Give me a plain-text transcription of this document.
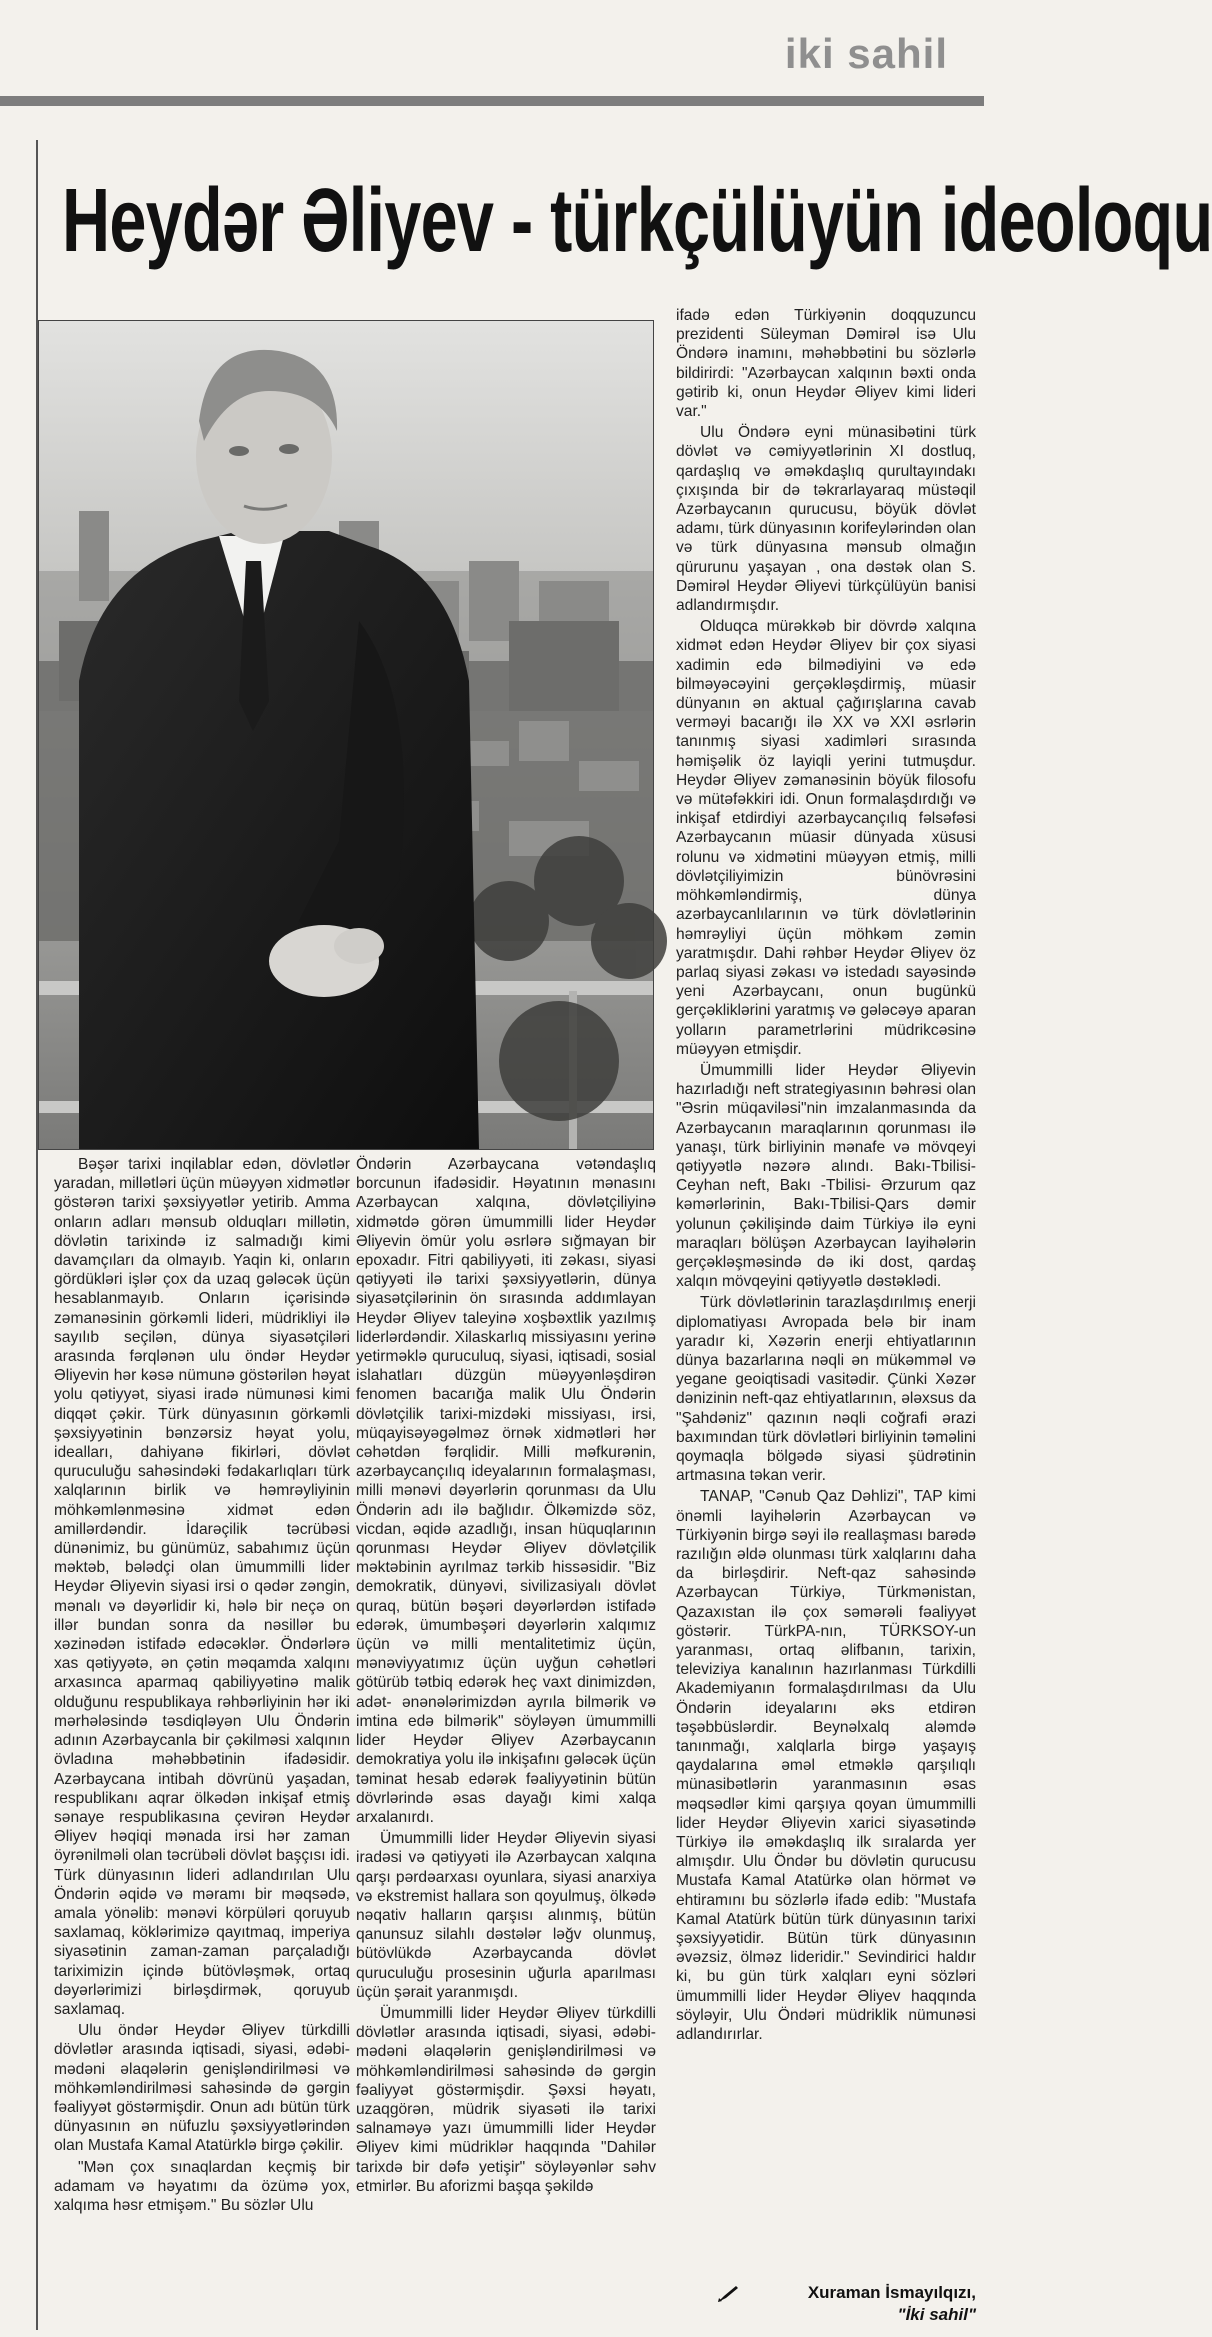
iki sahil
Heydər Əliyev - türkçülüyün ideoloqu

ifadə edən Türkiyənin doqquzuncu prezidenti Süleyman Dəmirəl isə Ulu Öndərə inamını, məhəbbətini bu sözlərlə bildirirdi: "Azərbaycan xalqının bəxti onda gətirib ki, onun Heydər Əliyev kimi lideri var."

Ulu Öndərə eyni münasibətini türk dövlət və cəmiyyətlərinin XI dostluq, qardaşlıq və əməkdaşlıq qurultayındakı çıxışında bir də təkrarlayaraq müstəqil Azərbaycanın qurucusu, böyük dövlət adamı, türk dünyasının korifeylərindən olan və türk dünyasına mənsub olmağın qürurunu yaşayan , ona dəstək olan S. Dəmirəl Heydər Əliyevi türkçülüyün banisi adlandırmışdır.

Olduqca mürəkkəb bir dövrdə xalqına xidmət edən Heydər Əliyev bir çox siyasi xadimin edə bilmədiyini və edə bilməyəcəyini gerçəkləşdirmiş, müasir dünyanın ən aktual çağırışlarına cavab verməyi bacarığı ilə XX və XXI əsrlərin tanınmış siyasi xadimləri sırasında həmişəlik öz layiqli yerini tutmuşdur. Heydər Əliyev zəmanəsinin böyük filosofu və mütəfəkkiri idi. Onun formalaşdırdığı və inkişaf etdirdiyi azərbaycançılıq fəlsəfəsi Azərbaycanın müasir dünyada xüsusi rolunu və xidmətini müəyyən etmiş, milli dövlətçiliyimizin bünövrəsini möhkəmləndirmiş, dünya azərbaycanlılarının və türk dövlətlərinin həmrəyliyi üçün möhkəm zəmin yaratmışdır. Dahi rəhbər Heydər Əliyev öz parlaq siyasi zəkası və istedadı sayəsində yeni Azərbaycanı, onun bugünkü gerçəkliklərini yaratmış və gələcəyə aparan yolların parametrlərini müdrikcəsinə müəyyən etmişdir.

Ümummilli lider Heydər Əliyevin hazırladığı neft strategiyasının bəhrəsi olan "Əsrin müqaviləsi"nin imzalanmasında da Azərbaycanın maraqlarının qorunması ilə yanaşı, türk birliyinin mənafe və mövqeyi qətiyyətlə nəzərə alındı. Bakı-Tbilisi-Ceyhan neft, Bakı -Tbilisi- Ərzurum qaz kəmərlərinin, Bakı-Tbilisi-Qars dəmir yolunun çəkilişində daim Türkiyə ilə eyni maraqları bölüşən Azərbaycan layihələrin gerçəkləşməsində də iki dost, qardaş xalqın mövqeyini qətiyyətlə dəstəklədi.

Türk dövlətlərinin tarazlaşdırılmış enerji diplomatiyası Avropada belə bir inam yaradır ki, Xəzərin enerji ehtiyatlarının dünya bazarlarına nəqli ən mükəmməl və yegane geoiqtisadi vasitədir. Çünki Xəzər dənizinin neft-qaz ehtiyatlarının, ələxsus da "Şahdəniz" qazının nəqli coğrafi ərazi baxımından türk dövlətləri birliyinin təməlini qoymaqla bölgədə siyasi şüdrətinin artmasına təkan verir.

TANAP, "Cənub Qaz Dəhlizi", TAP kimi önəmli layihələrin Azərbaycan və Türkiyənin birgə səyi ilə reallaşması barədə razılığın əldə olunması türk xalqlarını daha da birləşdirir. Neft-qaz sahəsində Azərbaycan Türkiyə, Türkmənistan, Qazaxıstan ilə çox səmərəli fəaliyyət göstərir. TürkPA-nın, TÜRKSOY-un yaranması, ortaq əlifbanın, tarixin, televiziya kanalının hazırlanması Türkdilli Akademiyanın formalaşdırılması da Ulu Öndərin ideyalarını əks etdirən təşəbbüslərdir. Beynəlxalq aləmdə tanınmağı, xalqlarla birgə yaşayış qaydalarına əməl etməklə qarşılıqlı münasibətlərin yaranmasının əsas məqsədlər kimi qarşıya qoyan ümummilli lider Heydər Əliyevin xarici siyasətində Türkiyə ilə əməkdaşlıq ilk sıralarda yer almışdır. Ulu Öndər bu dövlətin qurucusu Mustafa Kamal Atatürkə olan hörmət və ehtiramını bu sözlərlə ifadə edib: "Mustafa Kamal Atatürk bütün türk dünyasının tarixi şəxsiyyətidir. Bütün türk dünyasının əvəzsiz, ölməz lideridir." Sevindirici haldır ki, bu gün türk xalqları eyni sözləri ümummilli lider Heydər Əliyev haqqında söyləyir, Ulu Öndəri müdriklik nümunəsi adlandırırlar.

Bəşər tarixi inqilablar edən, dövlətlər yaradan, millətləri üçün müəyyən xidmətlər göstərən tarixi şəxsiyyətlər yetirib. Amma onların adları mənsub olduqları millətin, dövlətin tarixində iz salmadığı kimi davamçıları da olmayıb. Yaqin ki, onların gördükləri işlər çox da uzaq gələcək üçün hesablanmayıb. Onların içərisində zəmanəsinin görkəmli lideri, müdrikliyi ilə sayılıb seçilən, dünya siyasətçiləri arasında fərqlənən ulu öndər Heydər Əliyevin hər kəsə nümunə göstərilən həyat yolu qətiyyət, siyasi iradə nümunəsi kimi diqqət çəkir. Türk dünyasının görkəmli şəxsiyyətinin bənzərsiz həyat yolu, idealları, dahiyanə fikirləri, dövlət quruculuğu sahəsindəki fədakarlıqları türk xalqlarının birlik və həmrəyliyinin möhkəmlənməsinə xidmət edən amillərdəndir. İdarəçilik təcrübəsi dünənimiz, bu günümüz, sabahımız üçün məktəb, bələdçi olan ümummilli lider Heydər Əliyevin siyasi irsi o qədər zəngin, mənalı və dəyərlidir ki, hələ bir neçə on illər bundan sonra da nəsillər bu xəzinədən istifadə edəcəklər. Öndərlərə xas qətiyyətə, ən çətin məqamda xalqını arxasınca aparmaq qabiliyyətinə malik olduğunu respublikaya rəhbərliyinin hər iki mərhələsində təsdiqləyən Ulu Öndərin adının Azərbaycanla bir çəkilməsi xalqının övladına məhəbbətinin ifadəsidir. Azərbaycana intibah dövrünü yaşadan, respublikanı aqrar ölkədən inkişaf etmiş sənaye respublikasına çevirən Heydər Əliyev həqiqi mənada irsi hər zaman öyrənilməli olan təcrübəli dövlət başçısı idi. Türk dünyasının lideri adlandırılan Ulu Öndərin əqidə və məramı bir məqsədə, amala yönəlib: mənəvi körpüləri qoruyub saxlamaq, köklərimizə qayıtmaq, imperiya siyasətinin zaman-zaman parçaladığı tariximizin içində bütövləşmək, ortaq dəyərlərimizi birləşdirmək, qoruyub saxlamaq.

Ulu öndər Heydər Əliyev türkdilli dövlətlər arasında iqtisadi, siyasi, ədəbi-mədəni əlaqələrin genişləndirilməsi və möhkəmləndirilməsi sahəsində də gərgin fəaliyyət göstərmişdir. Onun adı bütün türk dünyasının ən nüfuzlu şəxsiyyətlərindən olan Mustafa Kamal Atatürklə birgə çəkilir.

"Mən çox sınaqlardan keçmiş bir adamam və həyatımı da özümə yox, xalqıma həsr etmişəm." Bu sözlər Ulu

Öndərin Azərbaycana vətəndaşlıq borcunun ifadəsidir. Həyatının mənasını Azərbaycan xalqına, dövlətçiliyinə xidmətdə görən ümummilli lider Heydər Əliyevin ömür yolu əsrlərə sığmayan bir epoxadır. Fitri qabiliyyəti, iti zəkası, siyasi qətiyyəti ilə tarixi şəxsiyyətlərin, dünya siyasətçilərinin ön sırasında addımlayan Heydər Əliyev taleyinə xoşbəxtlik yazılmış liderlərdəndir. Xilaskarlıq missiyasını yerinə yetirməklə quruculuq, siyasi, iqtisadi, sosial islahatları düzgün müəyyənləşdirən fenomen bacarığa malik Ulu Öndərin dövlətçilik tarixi-mizdəki missiyası, irsi, müqayisəyəgəlməz örnək xidmətləri hər cəhətdən fərqlidir. Milli məfkurənin, azərbaycançılıq ideyalarının formalaşması, milli mənəvi dəyərlərin qorunması da Ulu Öndərin adı ilə bağlıdır. Ölkəmizdə söz, vicdan, əqidə azadlığı, insan hüquqlarının qorunması Heydər Əliyev dövlətçilik məktəbinin ayrılmaz tərkib hissəsidir. "Biz demokratik, dünyəvi, sivilizasiyalı dövlət quraq, bütün bəşəri dəyərlərdən istifadə edərək, ümumbəşəri dəyərlərin xalqımız üçün və milli mentalitetimiz üçün, mənəviyyatımız üçün uyğun cəhətləri götürüb tətbiq edərək heç vaxt dinimizdən, adət- ənənələrimizdən ayrıla bilmərik və imtina edə bilmərik" söyləyən ümummilli lider Heydər Əliyev Azərbaycanın demokratiya yolu ilə inkişafını gələcək üçün təminat hesab edərək fəaliyyətinin bütün dövrlərində əsas dayağı kimi xalqa arxalanırdı.

Ümummilli lider Heydər Əliyevin siyasi iradəsi və qətiyyəti ilə Azərbaycan xalqına qarşı pərdəarxası oyunlara, siyasi anarxiya və ekstremist hallara son qoyulmuş, ölkədə nəqativ halların qarşısı alınmış, bütün qanunsuz silahlı dəstələr ləğv olunmuş, bütövlükdə Azərbaycanda dövlət quruculuğu prosesinin uğurla aparılması üçün şərait yaranmışdı.

Ümummilli lider Heydər Əliyev türkdilli dövlətlər arasında iqtisadi, siyasi, ədəbi-mədəni əlaqələrin genişləndirilməsi və möhkəmləndirilməsi sahəsində də gərgin fəaliyyət göstərmişdir. Şəxsi həyatı, uzaqgörən, müdrik siyasəti ilə tarixi salnaməyə yazı ümummilli lider Heydər Əliyev kimi müdriklər haqqında "Dahilər tarixdə bir dəfə yetişir" söyləyənlər səhv etmirlər. Bu aforizmi başqa şəkildə

Xuraman İsmayılqızı,
"İki sahil"
